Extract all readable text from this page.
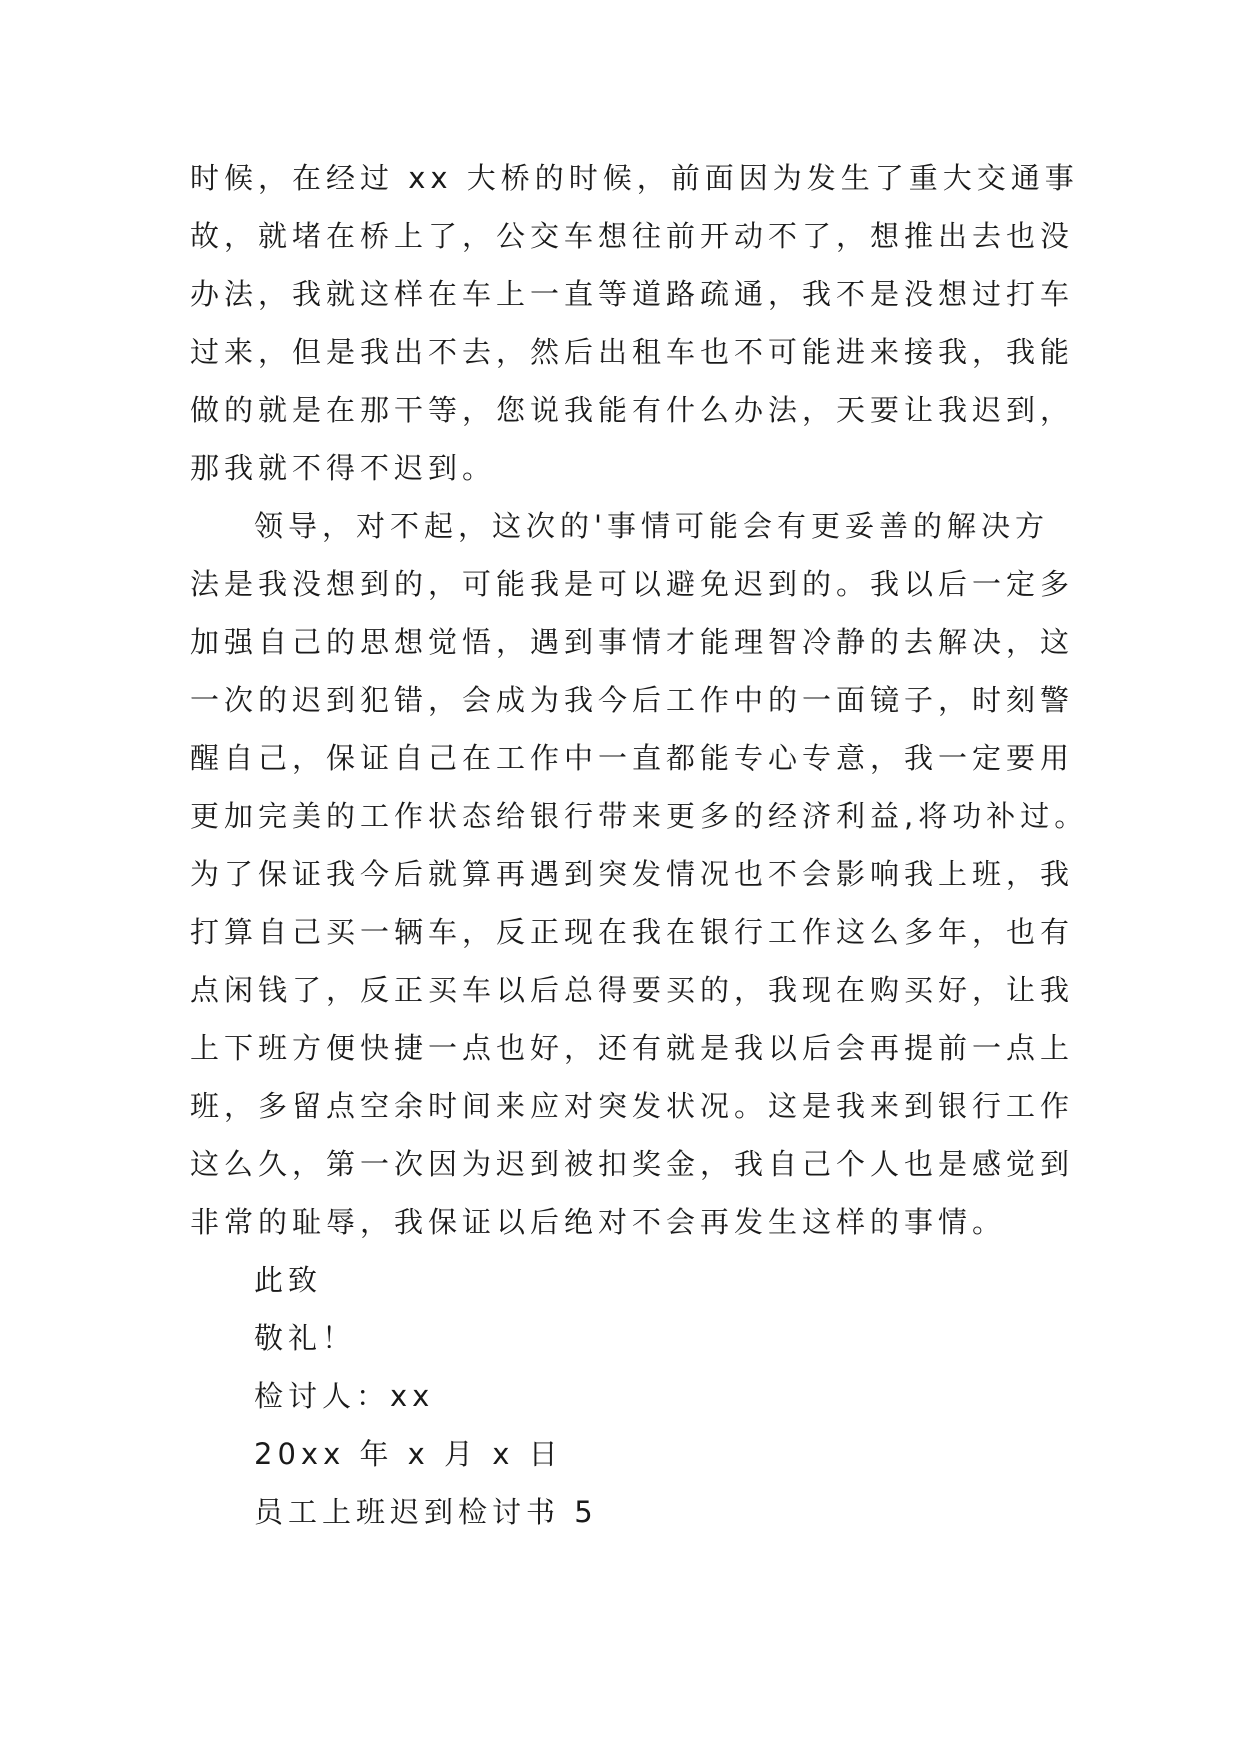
时候，在经过 xx 大桥的时候，前面因为发生了重大交通事
故，就堵在桥上了，公交车想往前开动不了，想推出去也没
办法，我就这样在车上一直等道路疏通，我不是没想过打车
过来，但是我出不去，然后出租车也不可能进来接我，我能
做的就是在那干等，您说我能有什么办法，天要让我迟到，
那我就不得不迟到。
领导，对不起，这次的'事情可能会有更妥善的解决方
法是我没想到的，可能我是可以避免迟到的。我以后一定多
加强自己的思想觉悟，遇到事情才能理智冷静的去解决，这
一次的迟到犯错，会成为我今后工作中的一面镜子，时刻警
醒自己，保证自己在工作中一直都能专心专意，我一定要用
更加完美的工作状态给银行带来更多的经济利益,将功补过。
为了保证我今后就算再遇到突发情况也不会影响我上班，我
打算自己买一辆车，反正现在我在银行工作这么多年，也有
点闲钱了，反正买车以后总得要买的，我现在购买好，让我
上下班方便快捷一点也好，还有就是我以后会再提前一点上
班，多留点空余时间来应对突发状况。这是我来到银行工作
这么久，第一次因为迟到被扣奖金，我自己个人也是感觉到
非常的耻辱，我保证以后绝对不会再发生这样的事情。
此致
敬礼！
检讨人：xx
20xx 年 x 月 x 日
员工上班迟到检讨书 5
